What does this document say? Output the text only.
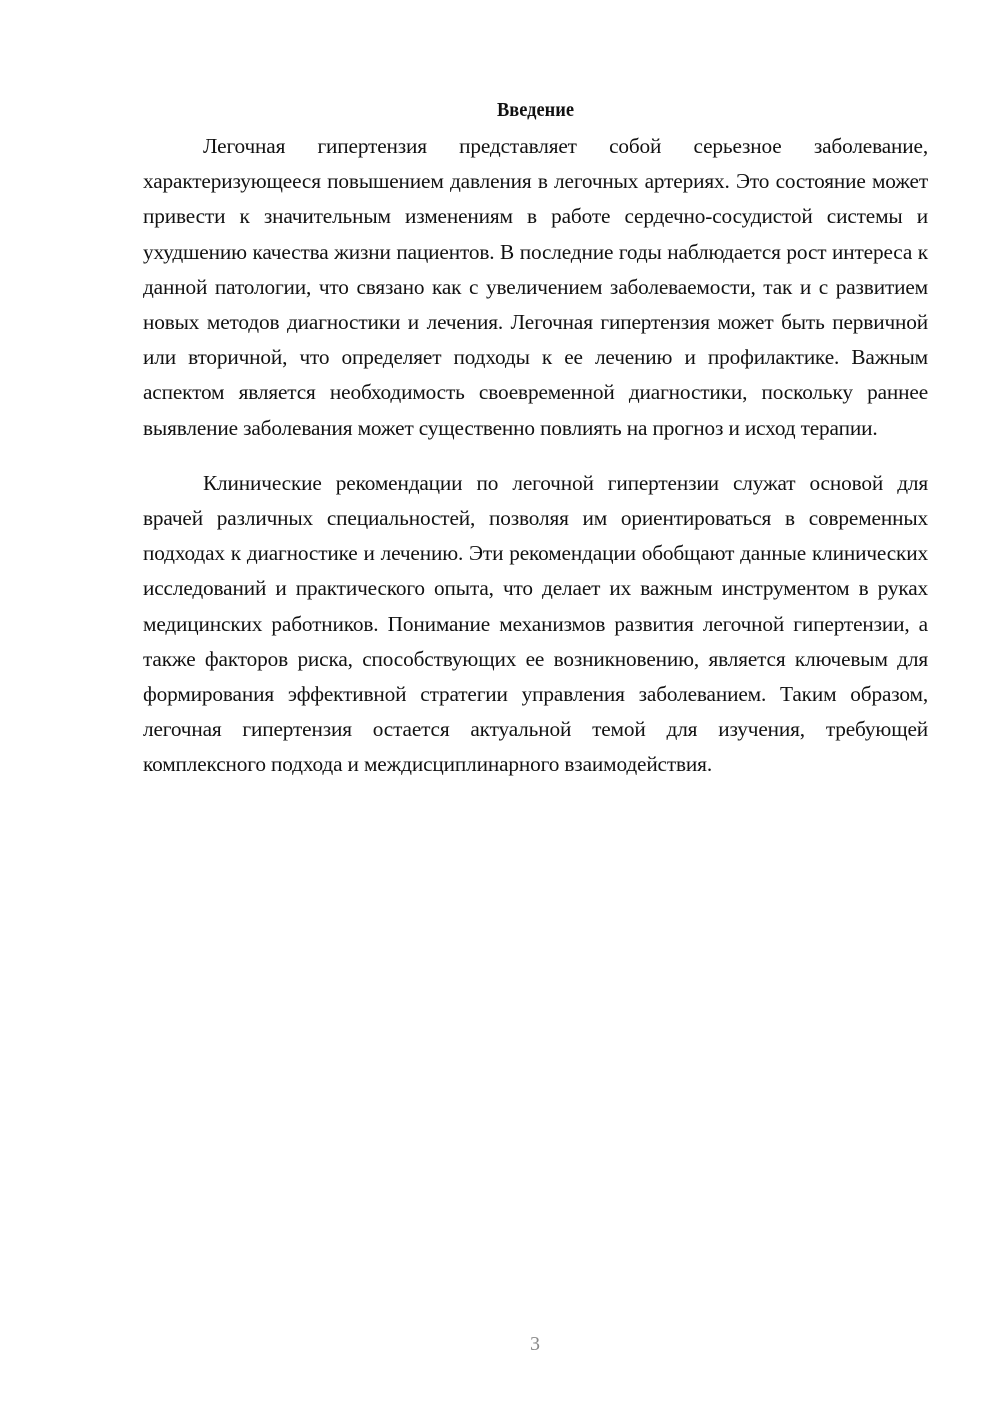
Введение

Легочная гипертензия представляет собой серьезное заболевание, характеризующееся повышением давления в легочных артериях. Это состояние может привести к значительным изменениям в работе сердечно-сосудистой системы и ухудшению качества жизни пациентов. В последние годы наблюдается рост интереса к данной патологии, что связано как с увеличением заболеваемости, так и с развитием новых методов диагностики и лечения. Легочная гипертензия может быть первичной или вторичной, что определяет подходы к ее лечению и профилактике. Важным аспектом является необходимость своевременной диагностики, поскольку раннее выявление заболевания может существенно повлиять на прогноз и исход терапии.

Клинические рекомендации по легочной гипертензии служат основой для врачей различных специальностей, позволяя им ориентироваться в современных подходах к диагностике и лечению. Эти рекомендации обобщают данные клинических исследований и практического опыта, что делает их важным инструментом в руках медицинских работников. Понимание механизмов развития легочной гипертензии, а также факторов риска, способствующих ее возникновению, является ключевым для формирования эффективной стратегии управления заболеванием. Таким образом, легочная гипертензия остается актуальной темой для изучения, требующей комплексного подхода и междисциплинарного взаимодействия.

3
